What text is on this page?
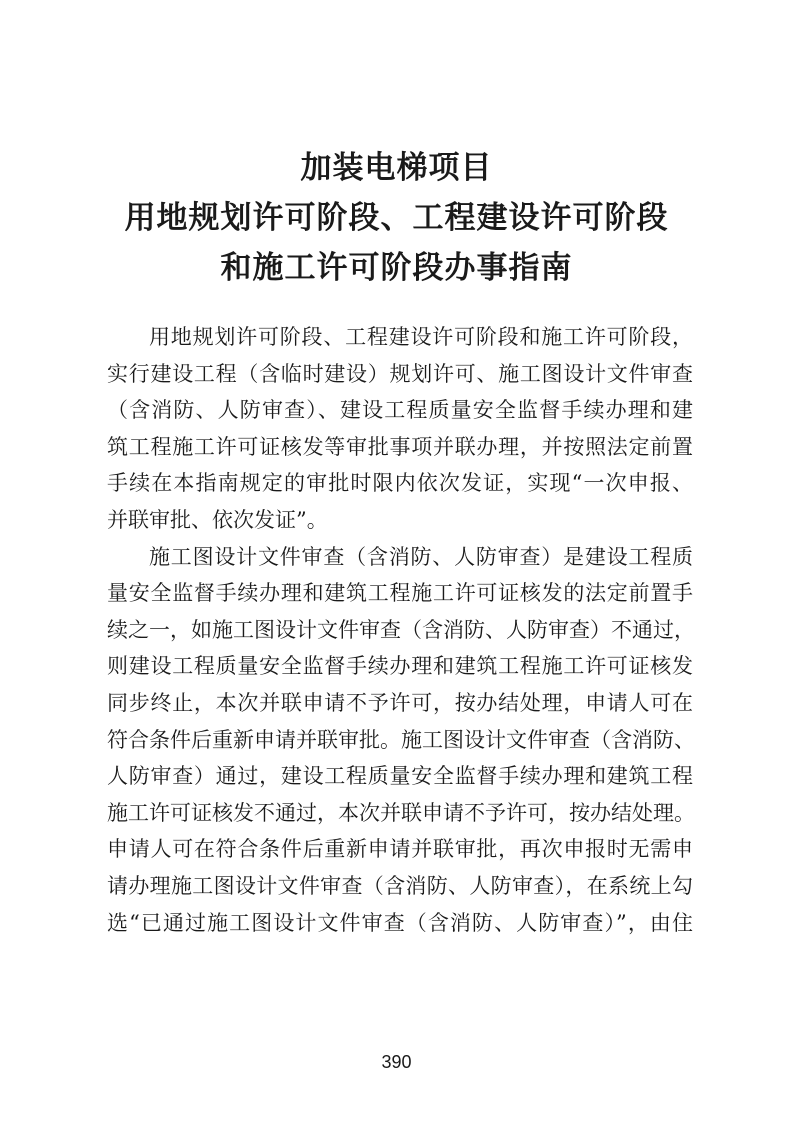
加装电梯项目
用地规划许可阶段、工程建设许可阶段
和施工许可阶段办事指南
用地规划许可阶段、工程建设许可阶段和施工许可阶段，
实行建设工程（含临时建设）规划许可、施工图设计文件审查
（含消防、人防审查）、建设工程质量安全监督手续办理和建
筑工程施工许可证核发等审批事项并联办理，并按照法定前置
手续在本指南规定的审批时限内依次发证，实现“一次申报、
并联审批、依次发证”。
施工图设计文件审查（含消防、人防审查）是建设工程质
量安全监督手续办理和建筑工程施工许可证核发的法定前置手
续之一，如施工图设计文件审查（含消防、人防审查）不通过，
则建设工程质量安全监督手续办理和建筑工程施工许可证核发
同步终止，本次并联申请不予许可，按办结处理，申请人可在
符合条件后重新申请并联审批。施工图设计文件审查（含消防、
人防审查）通过，建设工程质量安全监督手续办理和建筑工程
施工许可证核发不通过，本次并联申请不予许可，按办结处理。
申请人可在符合条件后重新申请并联审批，再次申报时无需申
请办理施工图设计文件审查（含消防、人防审查），在系统上勾
选“已通过施工图设计文件审查（含消防、人防审查）”，由住
390
